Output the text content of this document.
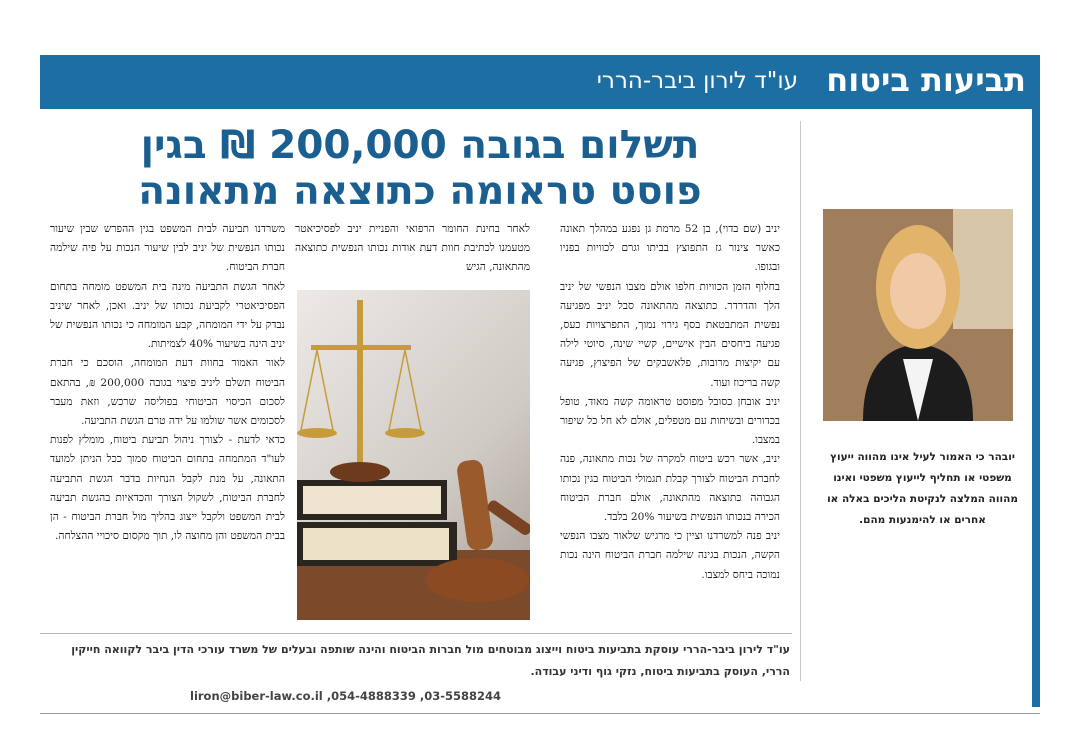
תביעות ביטוח
עו"ד לירון ביבר-הררי
תשלום בגובה 200,000 ₪ בגין
פוסט טראומה כתוצאה מתאונה

יניב (שם בדוי), בן 52 מרמת גן נפגע במהלך תאונה כאשר צינור גז התפוצץ בביתו וגרם לכוויות בפניו ובגופו.

בחלוף הזמן הכוויות חלפו אולם מצבו הנפשי של יניב הלך והדרדר. כתוצאה מהתאונה סבל יניב מפגיעה נפשית המתבטאת בסף גירוי נמוך, התפרצויות כעס, פגיעה ביחסים הבין אישיים, קשיי שינה, סיוטי לילה עם יקיצות מרובות, פלאשבקים של הפיצוץ, פגיעה קשה בריכוז ועוד.

יניב אובחן כסובל מפוסט טראומה קשה מאוד, טופל בכדורים ובשיחות עם מטפלים, אולם לא חל כל שיפור במצבו.

יניב, אשר רכש ביטוח למקרה של נכות מתאונה, פנה לחברת הביטוח לצורך קבלת תגמולי הביטוח בגין נכותו הגבוהה כתוצאה מהתאונה, אולם חברת הביטוח הכירה בנכותו הנפשית בשיעור 20% בלבד.

יניב פנה למשרדנו וציין כי מרגיש שלאור מצבו הנפשי הקשה, הנכות בגינה שילמה חברת הביטוח הינה נכות נמוכה ביחס למצבו.

לאחר בחינת החומר הרפואי והפניית יניב לפסיכיאטר מטעמנו לכתיבת חוות דעת אודות נכותו הנפשית כתוצאה מהתאונה, הגיש

משרדנו תביעה לבית המשפט בגין ההפרש שבין שיעור נכותו הנפשית של יניב לבין שיעור הנכות על פיה שילמה חברת הביטוח.

לאחר הגשת התביעה מינה בית המשפט מומחה בתחום הפסיכיאטרי לקביעת נכותו של יניב. ואכן, לאחר שיניב נבדק על ידי המומחה, קבע המומחה כי נכותו הנפשית של יניב הינה בשיעור 40% לצמיתות.

לאור האמור בחוות דעת המומחה, הוסכם כי חברת הביטוח תשלם ליניב פיצוי בגובה 200,000 ₪, בהתאם לסכום הכיסוי הביטוחי בפוליסה שרכש, וזאת מעבר לסכומים אשר שולמו על ידה טרם הגשת התביעה.

כדאי לדעת - לצורך ניהול תביעת ביטוח, מומלץ לפנות לעו"ד המתמחה בתחום הביטוח סמוך ככל הניתן למועד התאונה, על מנת לקבל הנחיות בדבר הגשת התביעה לחברת הביטוח, לשקול הצורך והכדאיות בהגשת תביעה לבית המשפט ולקבל ייצוג בהליך מול חברת הביטוח - הן בבית המשפט והן מחוצה לו, תוך מקסום סיכויי ההצלחה.

יובהר כי האמור לעיל אינו מהווה ייעוץ משפטי או תחליף לייעוץ משפטי ואינו מהווה המלצה לנקיטת הליכים באלה או אחרים או להימנעות מהם.
עו"ד לירון ביבר-הררי עוסקת בתביעות ביטוח וייצוג מבוטחים מול חברות הביטוח והינה שותפה ובעלים של משרד עורכי הדין ביבר לקוואה חייקין הררי, העוסק בתביעות ביטוח, נזקי גוף ודיני עבודה.
liron@biber-law.co.il ,054-4888339 ,03-5588244
